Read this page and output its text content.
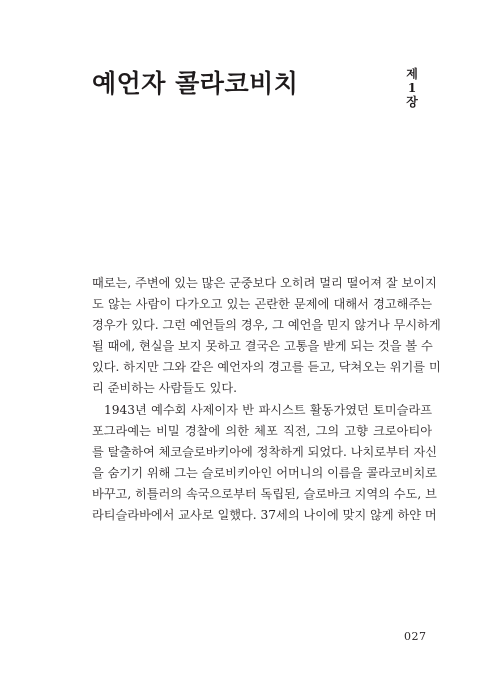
예언자 콜라코비치	제
1
장
때로는, 주변에 있는 많은 군중보다 오히려 멀리 떨어져 잘 보이지
도 않는 사람이 다가오고 있는 곤란한 문제에 대해서 경고해주는
경우가 있다. 그런 예언들의 경우, 그 예언을 믿지 않거나 무시하게
될 때에, 현실을 보지 못하고 결국은 고통을 받게 되는 것을 볼 수
있다. 하지만 그와 같은 예언자의 경고를 듣고, 닥쳐오는 위기를 미
리 준비하는 사람들도 있다.
1943년 예수회 사제이자 반 파시스트 활동가였던 토미슬라프
포그라예는 비밀 경찰에 의한 체포 직전, 그의 고향 크로아티아
를 탈출하여 체코슬로바키아에 정착하게 되었다. 나치로부터 자신
을 숨기기 위해 그는 슬로비키아인 어머니의 이름을 콜라코비치로
바꾸고, 히틀러의 속국으로부터 독립된, 슬로바크 지역의 수도, 브
라티슬라바에서 교사로 일했다. 37세의 나이에 맞지 않게 하얀 머
027
